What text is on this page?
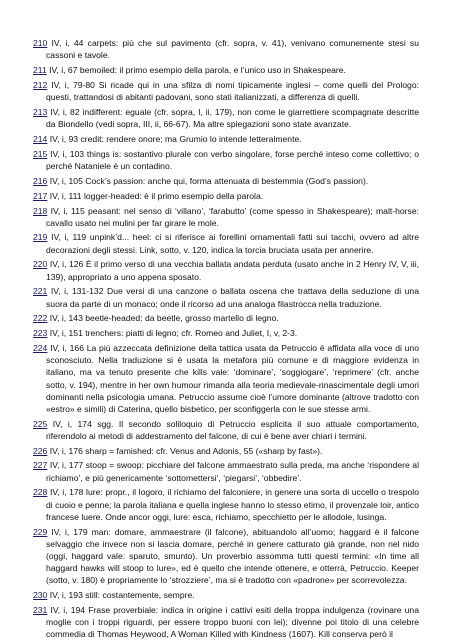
210 IV, i, 44 carpets: più che sul pavimento (cfr. sopra, v. 41), venivano comunemente stesi su cassoni e tavole.

211 IV, i, 67 bemoiled: il primo esempio della parola, e l’unico uso in Shakespeare.

212 IV, i, 79-80 Si ricade qui in una sfilza di nomi tipicamente inglesi – come quelli del Prologo: questi, trattandosi di abitanti padovani, sono stati italianizzati, a differenza di quelli.

213 IV, i, 82 indifferent: eguale (cfr. sopra, I, ii, 179), non come le giarrettiere scompagnate descritte da Biondello (vedi sopra, III, ii, 66-67). Ma altre spiegazioni sono state avanzate.

214 IV, i, 93 credit: rendere onore; ma Grumio lo intende letteralmente.

215 IV, i, 103 things is: sostantivo plurale con verbo singolare, forse perché inteso come collettivo; o perché Nataniele è un contadino.

216 IV, i, 105 Cock’s passion: anche qui, forma attenuata di bestemmia (God’s passion).

217 IV, i, 111 logger-headed: è il primo esempio della parola.

218 IV, i, 115 peasant: nel senso di ‘villano’, ‘farabutto’ (come spesso in Shakespeare); malt-horse: cavallo usato nei mulini per far girare le mole.

219 IV, i, 119 unpink’d... heel: ci si riferisce ai forellini ornamentali fatti sui tacchi, ovvero ad altre decorazioni degli stessi. Link, sotto, v. 120, indica la torcia bruciata usata per annerire.

220 IV, i, 126 È il primo verso di una vecchia ballata andata perduta (usato anche in 2 Henry IV, V, iii, 139), appropriato a uno appena sposato.

221 IV, i, 131-132 Due versi di una canzone o ballata oscena che trattava della seduzione di una suora da parte di un monaco; onde il ricorso ad una analoga filastrocca nella traduzione.

222 IV, i, 143 beetle-headed: da beetle, grosso martello di legno.

223 IV, i, 151 trenchers: piatti di legno; cfr. Romeo and Juliet, I, v, 2-3.

224 IV, i, 166 La più azzeccata definizione della tattica usata da Petruccio è affidata alla voce di uno sconosciuto. Nella traduzione si è usata la metafora più comune e di maggiore evidenza in italiano, ma va tenuto presente che kills vale: ‘dominare’, ‘soggiogare’, ‘reprimere’ (cfr. anche sotto, v. 194), mentre in her own humour rimanda alla teoria medievale-rinascimentale degli umori dominanti nella psicologia umana. Petruccio assume cioè l’umore dominante (altrove tradotto con «estro» e simili) di Caterina, quello bisbetico, per sconfiggerla con le sue stesse armi.

225 IV, i, 174 sgg. Il secondo soliloquio di Petruccio esplicita il suo attuale comportamento, riferendolo ai metodi di addestramento del falcone, di cui è bene aver chiari i termini.

226 IV, i, 176 sharp = famished: cfr. Venus and Adonis, 55 («sharp by fast»).

227 IV, i, 177 stoop = swoop: picchiare del falcone ammaestrato sulla preda, ma anche ‘rispondere al richiamo’, e più genericamente ‘sottomettersi’, ‘piegarsi’, ‘obbedire’.

228 IV, i, 178 lure: propr., il logoro, il richiamo del falconiere, in genere una sorta di uccello o trespolo di cuoio e penne; la parola italiana e quella inglese hanno lo stesso etimo, il provenzale loir, antico francese luere. Onde ancor oggi, lure: esca, richiamo, specchietto per le allodole, lusinga.

229 IV, i, 179 man: domare, ammaestrare (il falcone), abituandolo all’uomo; haggard è il falcone selvaggio che invece non si lascia domare, perché in genere catturato già grande, non nel nido (oggi, haggard vale: sparuto, smunto). Un proverbio assomma tutti questi termini: «In time all haggard hawks will stoop to lure», ed è quello che intende ottenere, e otterrà, Petruccio. Keeper (sotto, v. 180) è propriamente lo ‘strozziere’, ma si è tradotto con «padrone» per scorrevolezza.

230 IV, i, 193 still: costantemente, sempre.

231 IV, i, 194 Frase proverbiale: indica in origine i cattivi esiti della troppa indulgenza (rovinare una moglie con i troppi riguardi, per essere troppo buoni con lei); divenne poi titolo di una celebre commedia di Thomas Heywood, A Woman Killed with Kindness (1607). Kill conserva però il
